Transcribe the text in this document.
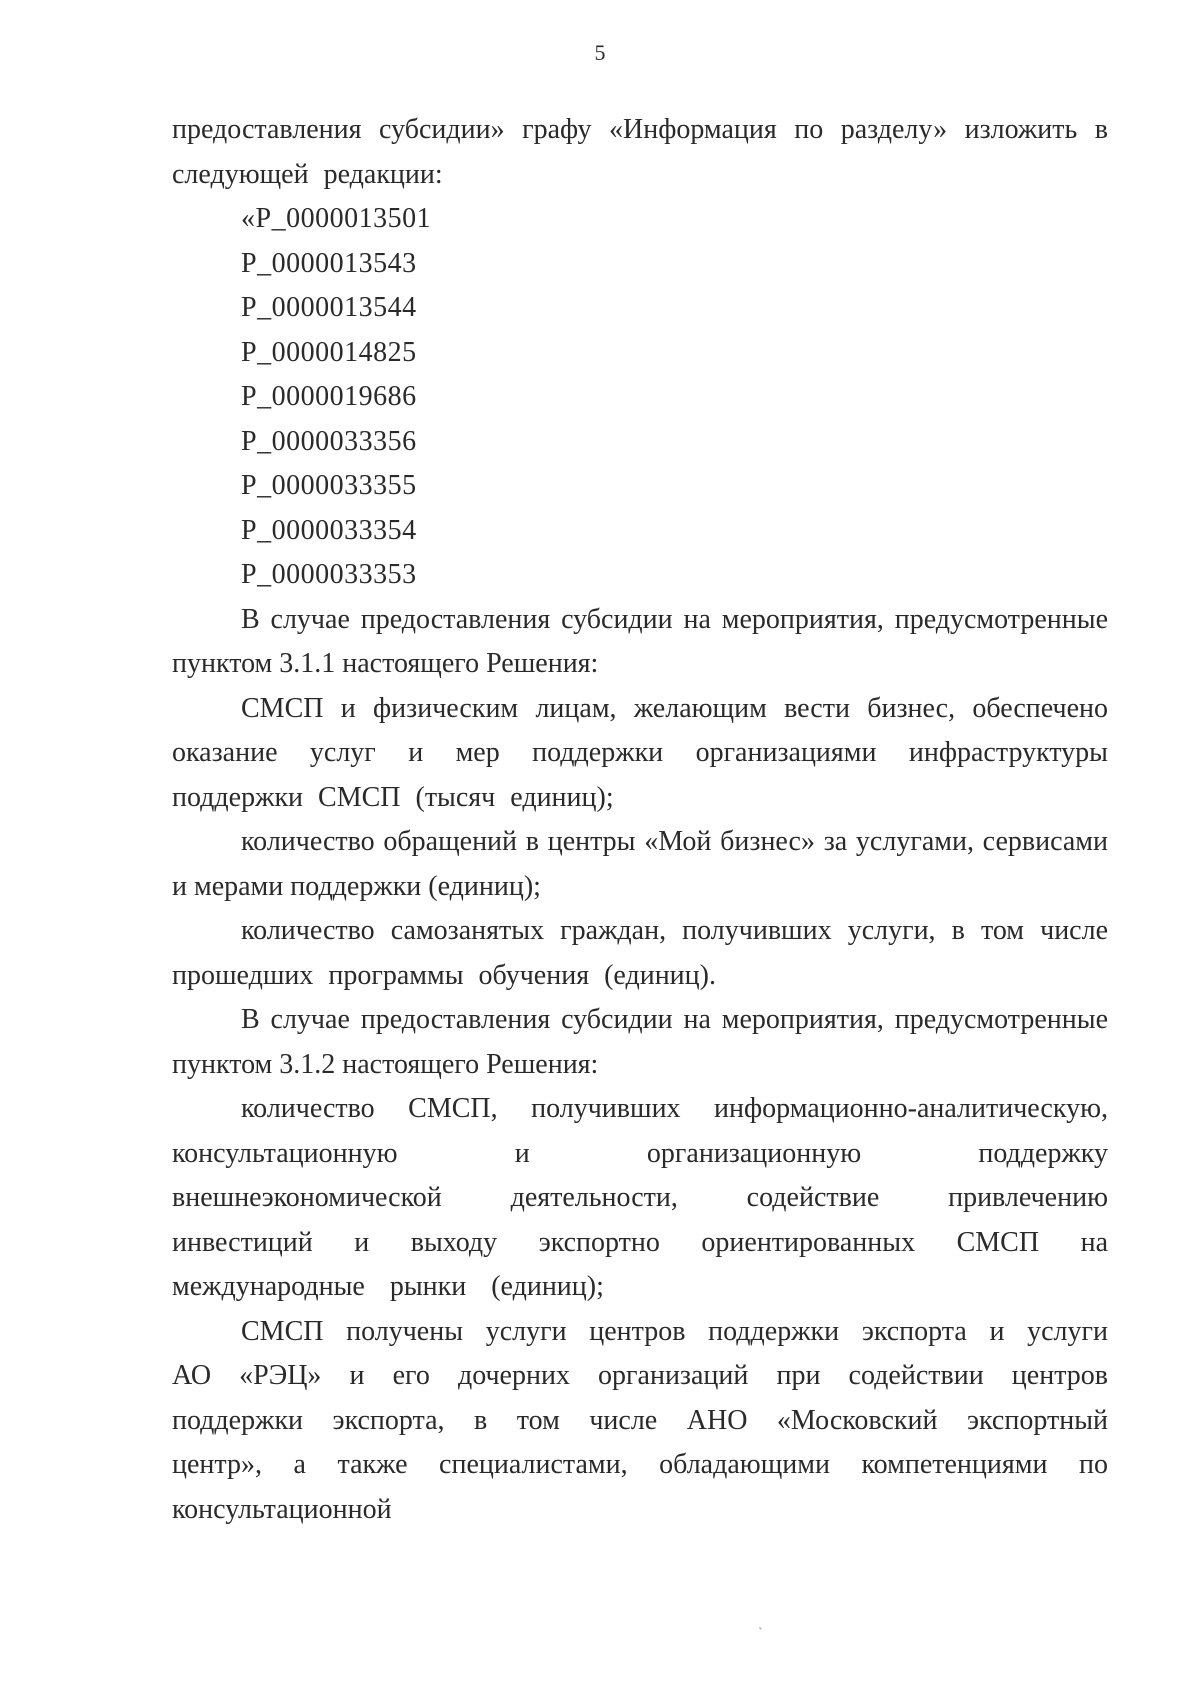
5

предоставления субсидии» графу «Информация по разделу» изложить в следующей редакции:

«P_0000013501
P_0000013543
P_0000013544
P_0000014825
P_0000019686
P_0000033356
P_0000033355
P_0000033354
P_0000033353

В случае предоставления субсидии на мероприятия, предусмотренные пунктом 3.1.1 настоящего Решения:

СМСП и физическим лицам, желающим вести бизнес, обеспечено оказание услуг и мер поддержки организациями инфраструктуры поддержки СМСП (тысяч единиц);

количество обращений в центры «Мой бизнес» за услугами, сервисами и мерами поддержки (единиц);

количество самозанятых граждан, получивших услуги, в том числе прошедших программы обучения (единиц).

В случае предоставления субсидии на мероприятия, предусмотренные пунктом 3.1.2 настоящего Решения:

количество СМСП, получивших информационно-аналитическую, консультационную и организационную поддержку внешнеэкономической деятельности, содействие привлечению инвестиций и выходу экспортно ориентированных СМСП на международные рынки (единиц);

СМСП получены услуги центров поддержки экспорта и услуги АО «РЭЦ» и его дочерних организаций при содействии центров поддержки экспорта, в том числе АНО «Московский экспортный центр», а также специалистами, обладающими компетенциями по консультационной

`
